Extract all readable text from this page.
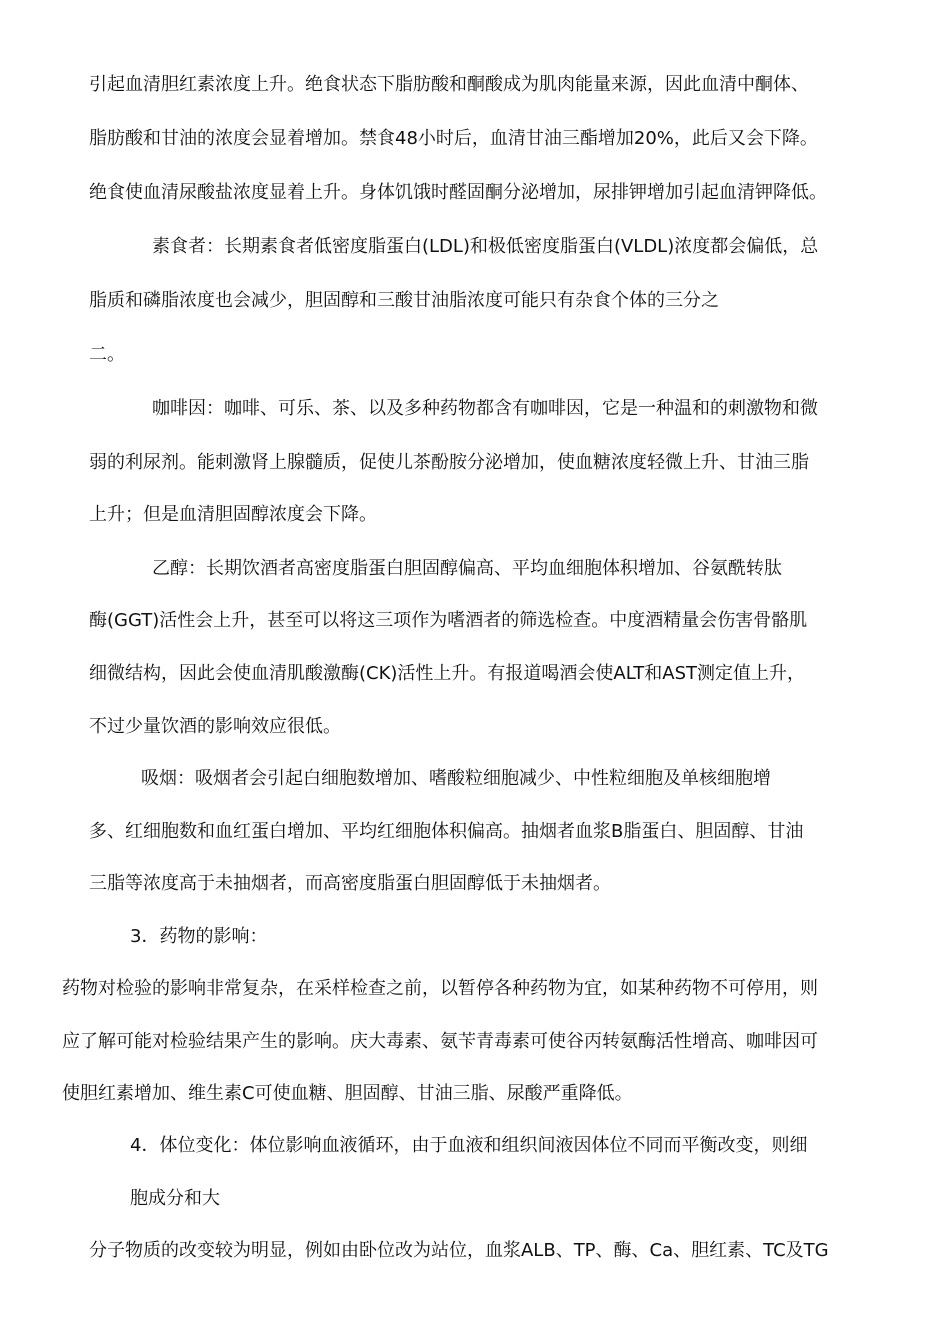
引起血清胆红素浓度上升。绝食状态下脂肪酸和酮酸成为肌肉能量来源，因此血清中酮体、
脂肪酸和甘油的浓度会显着增加。禁食48小时后，血清甘油三酯增加20%，此后又会下降。
绝食使血清尿酸盐浓度显着上升。身体饥饿时醛固酮分泌增加，尿排钾增加引起血清钾降低。
素食者：长期素食者低密度脂蛋白(LDL)和极低密度脂蛋白(VLDL)浓度都会偏低，总
脂质和磷脂浓度也会减少，胆固醇和三酸甘油脂浓度可能只有杂食个体的三分之
二。
咖啡因：咖啡、可乐、茶、以及多种药物都含有咖啡因，它是一种温和的刺激物和微
弱的利尿剂。能刺激肾上腺髓质，促使儿茶酚胺分泌增加，使血糖浓度轻微上升、甘油三脂
上升；但是血清胆固醇浓度会下降。
乙醇：长期饮酒者高密度脂蛋白胆固醇偏高、平均血细胞体积增加、谷氨酰转肽
酶(GGT)活性会上升，甚至可以将这三项作为嗜酒者的筛选检查。中度酒精量会伤害骨骼肌
细微结构，因此会使血清肌酸激酶(CK)活性上升。有报道喝酒会使ALT和AST测定值上升，
不过少量饮酒的影响效应很低。
吸烟：吸烟者会引起白细胞数增加、嗜酸粒细胞减少、中性粒细胞及单核细胞增
多、红细胞数和血红蛋白增加、平均红细胞体积偏高。抽烟者血浆B脂蛋白、胆固醇、甘油
三脂等浓度高于未抽烟者，而高密度脂蛋白胆固醇低于未抽烟者。
3．药物的影响：
药物对检验的影响非常复杂，在采样检查之前，以暂停各种药物为宜，如某种药物不可停用，则
应了解可能对检验结果产生的影响。庆大毒素、氨苄青毒素可使谷丙转氨酶活性增高、咖啡因可
使胆红素增加、维生素C可使血糖、胆固醇、甘油三脂、尿酸严重降低。
4．体位变化：体位影响血液循环，由于血液和组织间液因体位不同而平衡改变，则细
胞成分和大
分子物质的改变较为明显，例如由卧位改为站位，血浆ALB、TP、酶、Ca、胆红素、TC及TG
